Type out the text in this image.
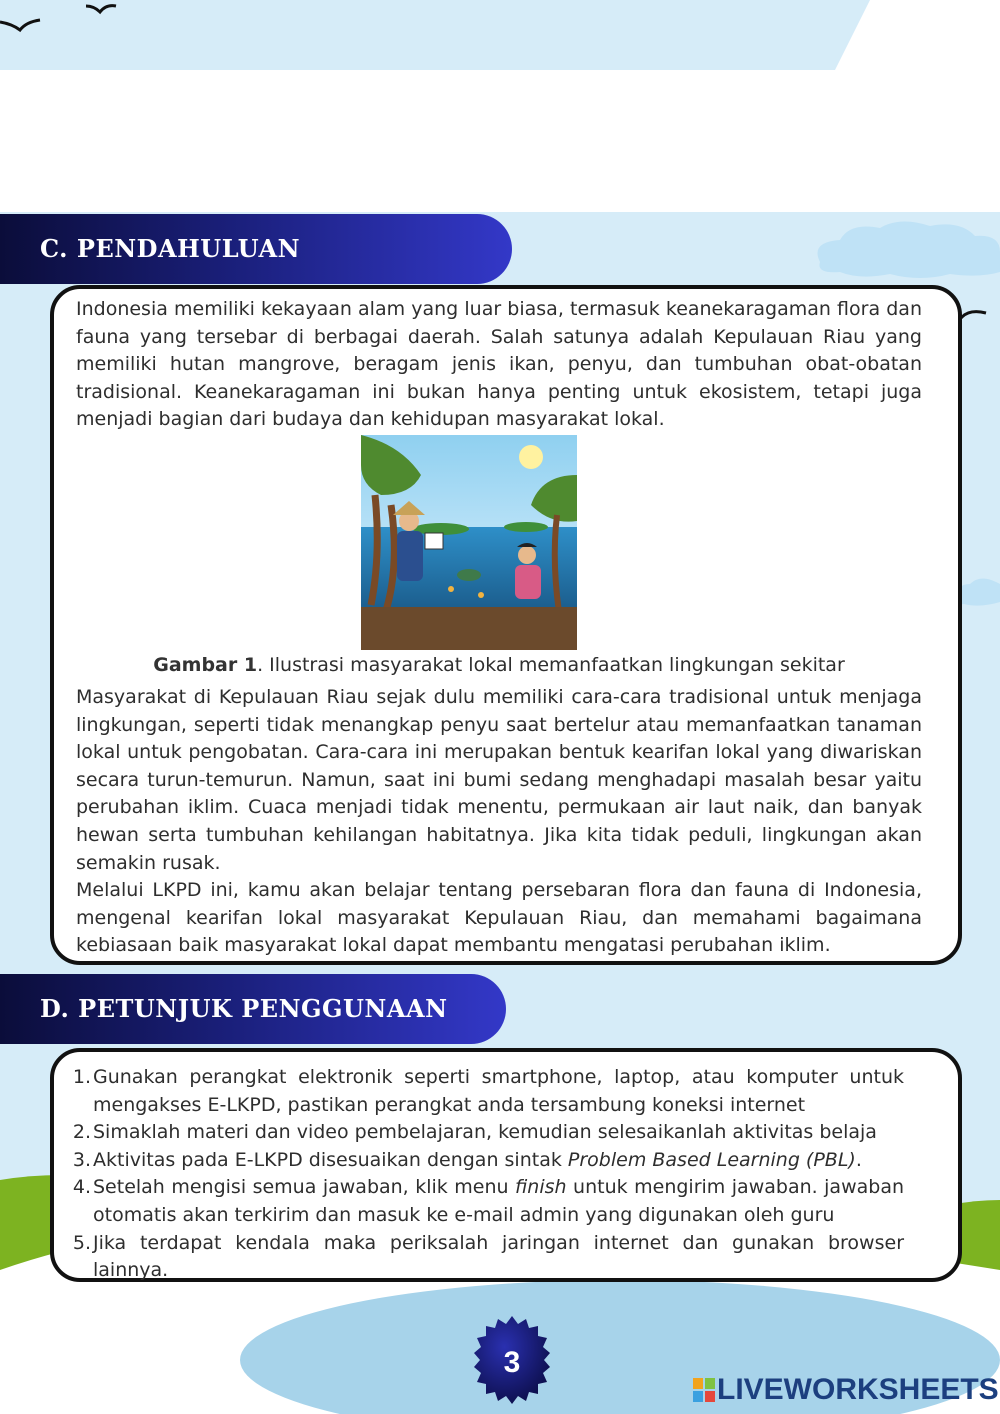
C. PENDAHULUAN

Indonesia memiliki kekayaan alam yang luar biasa, termasuk keanekaragaman flora dan fauna yang tersebar di berbagai daerah. Salah satunya adalah Kepulauan Riau yang memiliki hutan mangrove, beragam jenis ikan, penyu, dan tumbuhan obat-obatan tradisional. Keanekaragaman ini bukan hanya penting untuk ekosistem, tetapi juga menjadi bagian dari budaya dan kehidupan masyarakat lokal.

Gambar 1. Ilustrasi masyarakat lokal memanfaatkan lingkungan sekitar

Masyarakat di Kepulauan Riau sejak dulu memiliki cara-cara tradisional untuk menjaga lingkungan, seperti tidak menangkap penyu saat bertelur atau memanfaatkan tanaman lokal untuk pengobatan. Cara-cara ini merupakan bentuk kearifan lokal yang diwariskan secara turun-temurun. Namun, saat ini bumi sedang menghadapi masalah besar yaitu perubahan iklim. Cuaca menjadi tidak menentu, permukaan air laut naik, dan banyak hewan serta tumbuhan kehilangan habitatnya. Jika kita tidak peduli, lingkungan akan semakin rusak.

Melalui LKPD ini, kamu akan belajar tentang persebaran flora dan fauna di Indonesia, mengenal kearifan lokal masyarakat Kepulauan Riau, dan memahami bagaimana kebiasaan baik masyarakat lokal dapat membantu mengatasi perubahan iklim.

D. PETUNJUK PENGGUNAAN
1. Gunakan perangkat elektronik seperti smartphone, laptop, atau komputer untuk mengakses E-LKPD, pastikan perangkat anda tersambung koneksi internet
2. Simaklah materi dan video pembelajaran, kemudian selesaikanlah aktivitas belaja
3. Aktivitas pada E-LKPD disesuaikan dengan sintak Problem Based Learning (PBL).
4. Setelah mengisi semua jawaban, klik menu finish untuk mengirim jawaban. jawaban otomatis akan terkirim dan masuk ke e-mail admin yang digunakan oleh guru
5. Jika terdapat kendala maka periksalah jaringan internet dan gunakan browser lainnya.
3
LIVEWORKSHEETS
